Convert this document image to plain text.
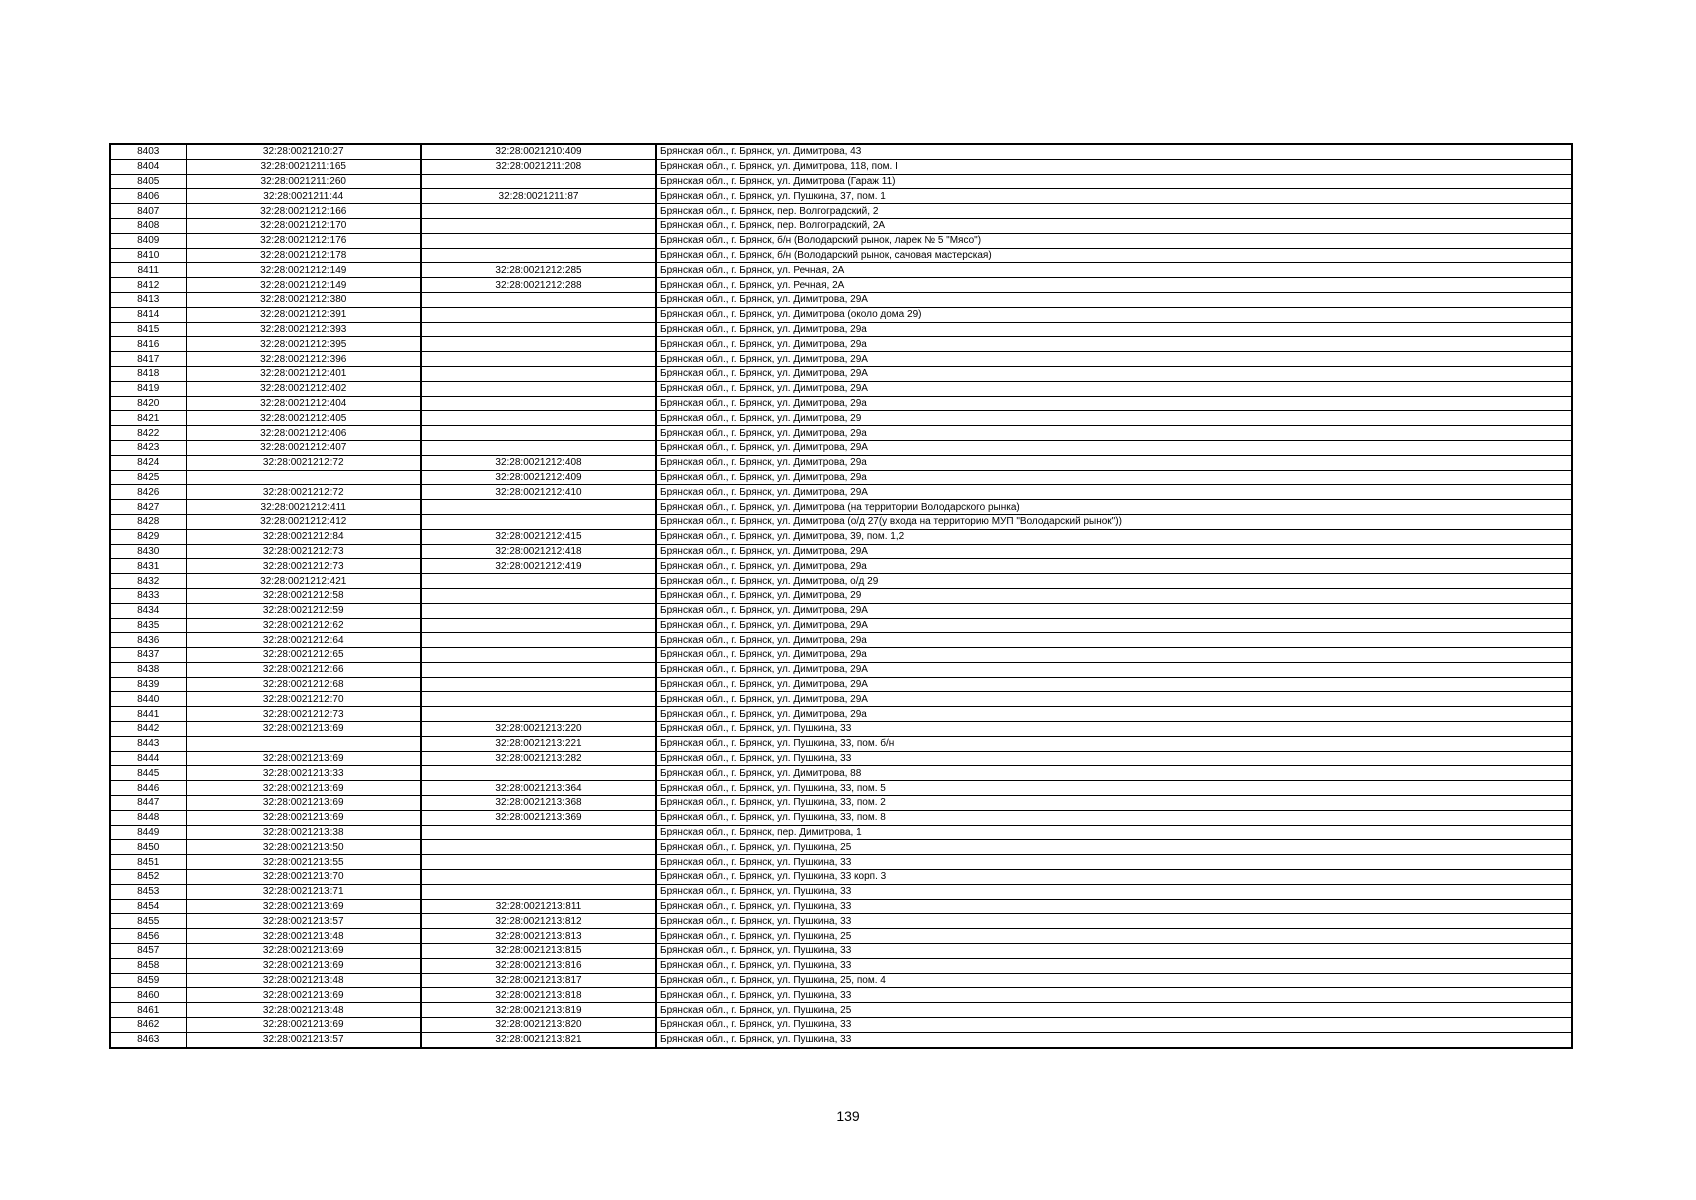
8403	32:28:0021210:27	32:28:0021210:409	Брянская обл., г. Брянск, ул. Димитрова, 43
8404	32:28:0021211:165	32:28:0021211:208	Брянская обл., г. Брянск, ул. Димитрова, 118, пом. I
8405	32:28:0021211:260		Брянская обл., г. Брянск, ул. Димитрова (Гараж 11)
8406	32:28:0021211:44	32:28:0021211:87	Брянская обл., г. Брянск, ул. Пушкина, 37, пом. 1
8407	32:28:0021212:166		Брянская обл., г. Брянск, пер. Волгоградский, 2
8408	32:28:0021212:170		Брянская обл., г. Брянск, пер. Волгоградский, 2А
8409	32:28:0021212:176		Брянская обл., г. Брянск, б/н (Володарский рынок, ларек № 5 "Мясо")
8410	32:28:0021212:178		Брянская обл., г. Брянск, б/н (Володарский рынок, сачовая мастерская)
8411	32:28:0021212:149	32:28:0021212:285	Брянская обл., г. Брянск, ул. Речная, 2А
8412	32:28:0021212:149	32:28:0021212:288	Брянская обл., г. Брянск, ул. Речная, 2А
8413	32:28:0021212:380		Брянская обл., г. Брянск, ул. Димитрова, 29А
8414	32:28:0021212:391		Брянская обл., г. Брянск, ул. Димитрова (около дома 29)
8415	32:28:0021212:393		Брянская обл., г. Брянск, ул. Димитрова, 29а
8416	32:28:0021212:395		Брянская обл., г. Брянск, ул. Димитрова, 29а
8417	32:28:0021212:396		Брянская обл., г. Брянск, ул. Димитрова, 29А
8418	32:28:0021212:401		Брянская обл., г. Брянск, ул. Димитрова, 29А
8419	32:28:0021212:402		Брянская обл., г. Брянск, ул. Димитрова, 29А
8420	32:28:0021212:404		Брянская обл., г. Брянск, ул. Димитрова, 29а
8421	32:28:0021212:405		Брянская обл., г. Брянск, ул. Димитрова, 29
8422	32:28:0021212:406		Брянская обл., г. Брянск, ул. Димитрова, 29а
8423	32:28:0021212:407		Брянская обл., г. Брянск, ул. Димитрова, 29А
8424	32:28:0021212:72	32:28:0021212:408	Брянская обл., г. Брянск, ул. Димитрова, 29а
8425		32:28:0021212:409	Брянская обл., г. Брянск, ул. Димитрова, 29а
8426	32:28:0021212:72	32:28:0021212:410	Брянская обл., г. Брянск, ул. Димитрова, 29А
8427	32:28:0021212:411		Брянская обл., г. Брянск, ул. Димитрова (на территории Володарского рынка)
8428	32:28:0021212:412		Брянская обл., г. Брянск, ул. Димитрова (о/д 27(у входа на территорию МУП "Володарский рынок"))
8429	32:28:0021212:84	32:28:0021212:415	Брянская обл., г. Брянск, ул. Димитрова, 39, пом. 1,2
8430	32:28:0021212:73	32:28:0021212:418	Брянская обл., г. Брянск, ул. Димитрова, 29А
8431	32:28:0021212:73	32:28:0021212:419	Брянская обл., г. Брянск, ул. Димитрова, 29а
8432	32:28:0021212:421		Брянская обл., г. Брянск, ул. Димитрова, о/д 29
8433	32:28:0021212:58		Брянская обл., г. Брянск, ул. Димитрова, 29
8434	32:28:0021212:59		Брянская обл., г. Брянск, ул. Димитрова, 29А
8435	32:28:0021212:62		Брянская обл., г. Брянск, ул. Димитрова, 29А
8436	32:28:0021212:64		Брянская обл., г. Брянск, ул. Димитрова, 29а
8437	32:28:0021212:65		Брянская обл., г. Брянск, ул. Димитрова, 29а
8438	32:28:0021212:66		Брянская обл., г. Брянск, ул. Димитрова, 29А
8439	32:28:0021212:68		Брянская обл., г. Брянск, ул. Димитрова, 29А
8440	32:28:0021212:70		Брянская обл., г. Брянск, ул. Димитрова, 29А
8441	32:28:0021212:73		Брянская обл., г. Брянск, ул. Димитрова, 29а
8442	32:28:0021213:69	32:28:0021213:220	Брянская обл., г. Брянск, ул. Пушкина, 33
8443		32:28:0021213:221	Брянская обл., г. Брянск, ул. Пушкина, 33, пом. б/н
8444	32:28:0021213:69	32:28:0021213:282	Брянская обл., г. Брянск, ул. Пушкина, 33
8445	32:28:0021213:33		Брянская обл., г. Брянск, ул. Димитрова, 88
8446	32:28:0021213:69	32:28:0021213:364	Брянская обл., г. Брянск, ул. Пушкина, 33, пом. 5
8447	32:28:0021213:69	32:28:0021213:368	Брянская обл., г. Брянск, ул. Пушкина, 33, пом. 2
8448	32:28:0021213:69	32:28:0021213:369	Брянская обл., г. Брянск, ул. Пушкина, 33, пом. 8
8449	32:28:0021213:38		Брянская обл., г. Брянск, пер. Димитрова, 1
8450	32:28:0021213:50		Брянская обл., г. Брянск, ул. Пушкина, 25
8451	32:28:0021213:55		Брянская обл., г. Брянск, ул. Пушкина, 33
8452	32:28:0021213:70		Брянская обл., г. Брянск, ул. Пушкина, 33 корп. 3
8453	32:28:0021213:71		Брянская обл., г. Брянск, ул. Пушкина, 33
8454	32:28:0021213:69	32:28:0021213:811	Брянская обл., г. Брянск, ул. Пушкина, 33
8455	32:28:0021213:57	32:28:0021213:812	Брянская обл., г. Брянск, ул. Пушкина, 33
8456	32:28:0021213:48	32:28:0021213:813	Брянская обл., г. Брянск, ул. Пушкина, 25
8457	32:28:0021213:69	32:28:0021213:815	Брянская обл., г. Брянск, ул. Пушкина, 33
8458	32:28:0021213:69	32:28:0021213:816	Брянская обл., г. Брянск, ул. Пушкина, 33
8459	32:28:0021213:48	32:28:0021213:817	Брянская обл., г. Брянск, ул. Пушкина, 25, пом. 4
8460	32:28:0021213:69	32:28:0021213:818	Брянская обл., г. Брянск, ул. Пушкина, 33
8461	32:28:0021213:48	32:28:0021213:819	Брянская обл., г. Брянск, ул. Пушкина, 25
8462	32:28:0021213:69	32:28:0021213:820	Брянская обл., г. Брянск, ул. Пушкина, 33
8463	32:28:0021213:57	32:28:0021213:821	Брянская обл., г. Брянск, ул. Пушкина, 33
139
